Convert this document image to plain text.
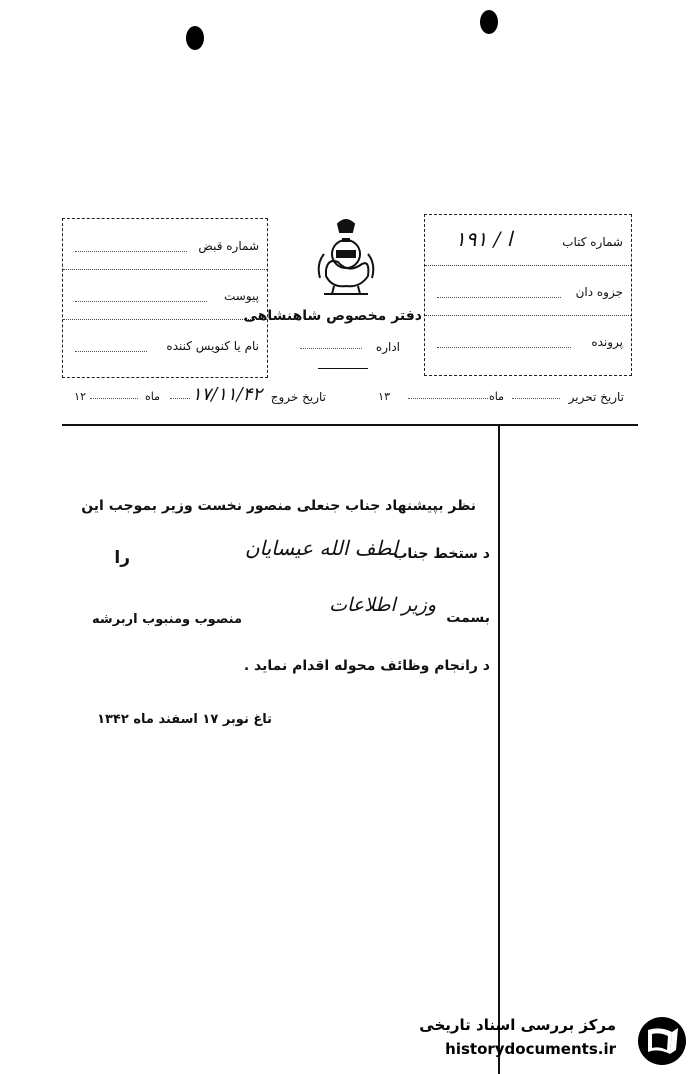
شماره قبض
پیوست
نام یا کنویس کننده
دفتر مخصوص شاهنشاهی
اداره
شماره کتاب
ا / ۱۹۱
جزوه دان
پرونده
تاریخ تحریر
ماه
۱۳
تاریخ خروج
۱۷/۱۱/۴۲
ماه
۱۲
نظر بپیشنهاد جناب جنعلی منصور نخست وزیر بموجب این
د ستخط جناب
لطف الله عیسایان
را
بسمت
وزیر اطلاعات
منصوب ومنبوب اربرشه
د رانجام وظائف محوله اقدام نماید .
تاغ نوبر ۱۷ اسفند ماه ۱۳۴۲
مرکز بررسی اسناد تاریخی
historydocuments.ir
